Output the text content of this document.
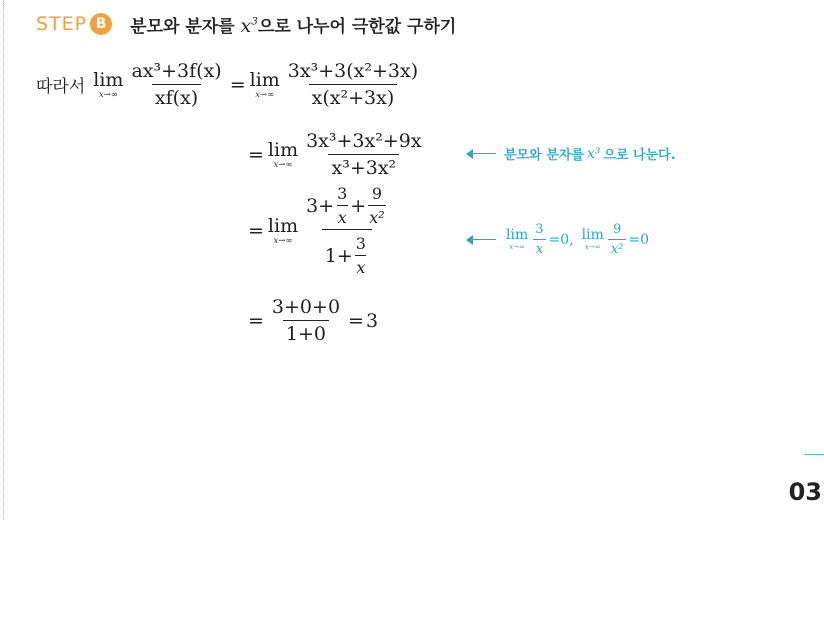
STEP B	분모와 분자를 $x^3$으로 나누어 극한값 구하기
따라서 lim
$x\to\infty \frac{\text{ax³+3f(x)}}{xf(x)} = \lim$
$x\to\infty \frac{\text{3x³+3(x²+3x)}}{\text{x(x²+3x)}}$
= lim
$x\to\infty \frac{\text{3x³+3x²+9x}}{\text{x³+3x²}}$	분모와 분자를 x³ 으로 나눈다.
= lim
x→∞
$3+ \frac{3}{x} + \frac{9}{\text{x²}}$
$1+ \frac{3}{x}$	lim
$x\to\infty \frac{3}{x} =0$, lim
$x\to\infty \frac{9}{\text{x²}} =0$
= $\frac{3+0+0}{1+0} = 3$
03
